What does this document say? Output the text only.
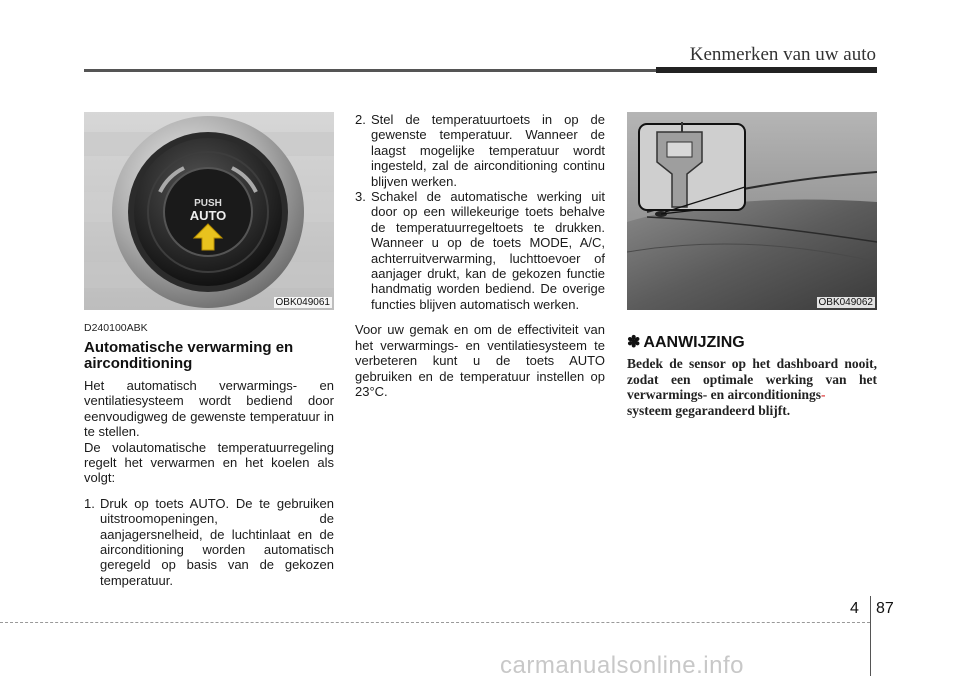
Kenmerken van uw auto
PUSH
AUTO
OBK049061
D240100ABK
Automatische verwarming en airconditioning

Het automatisch verwarmings- en ventilatiesysteem wordt bediend door eenvoudigweg de gewenste temperatuur in te stellen.

De volautomatische temperatuurregeling regelt het verwarmen en het koelen als volgt:

1. Druk op toets AUTO. De te gebruiken uitstroomopeningen, de aanjagersnelheid, de luchtinlaat en de airconditioning worden automatisch geregeld op basis van de gekozen temperatuur.
2. Stel de temperatuurtoets in op de gewenste temperatuur. Wanneer de laagst mogelijke temperatuur wordt ingesteld, zal de airconditioning continu blijven werken.
3. Schakel de automatische werking uit door op een willekeurige toets behalve de temperatuurregeltoets te drukken. Wanneer u op de toets MODE, A/C, achterruitverwarming, luchttoevoer of aanjager drukt, kan de gekozen functie handmatig worden bediend. De overige functies blijven automatisch werken.

Voor uw gemak en om de effectiviteit van het verwarmings- en ventilatiesysteem te verbeteren kunt u de toets AUTO gebruiken en de temperatuur instellen op 23°C.

OBK049062
✽ AANWIJZING
Bedek de sensor op het dashboard nooit, zodat een optimale werking van het verwarmings- en airconditionings-
systeem gegarandeerd blijft.
4 87
carmanualsonline.info
